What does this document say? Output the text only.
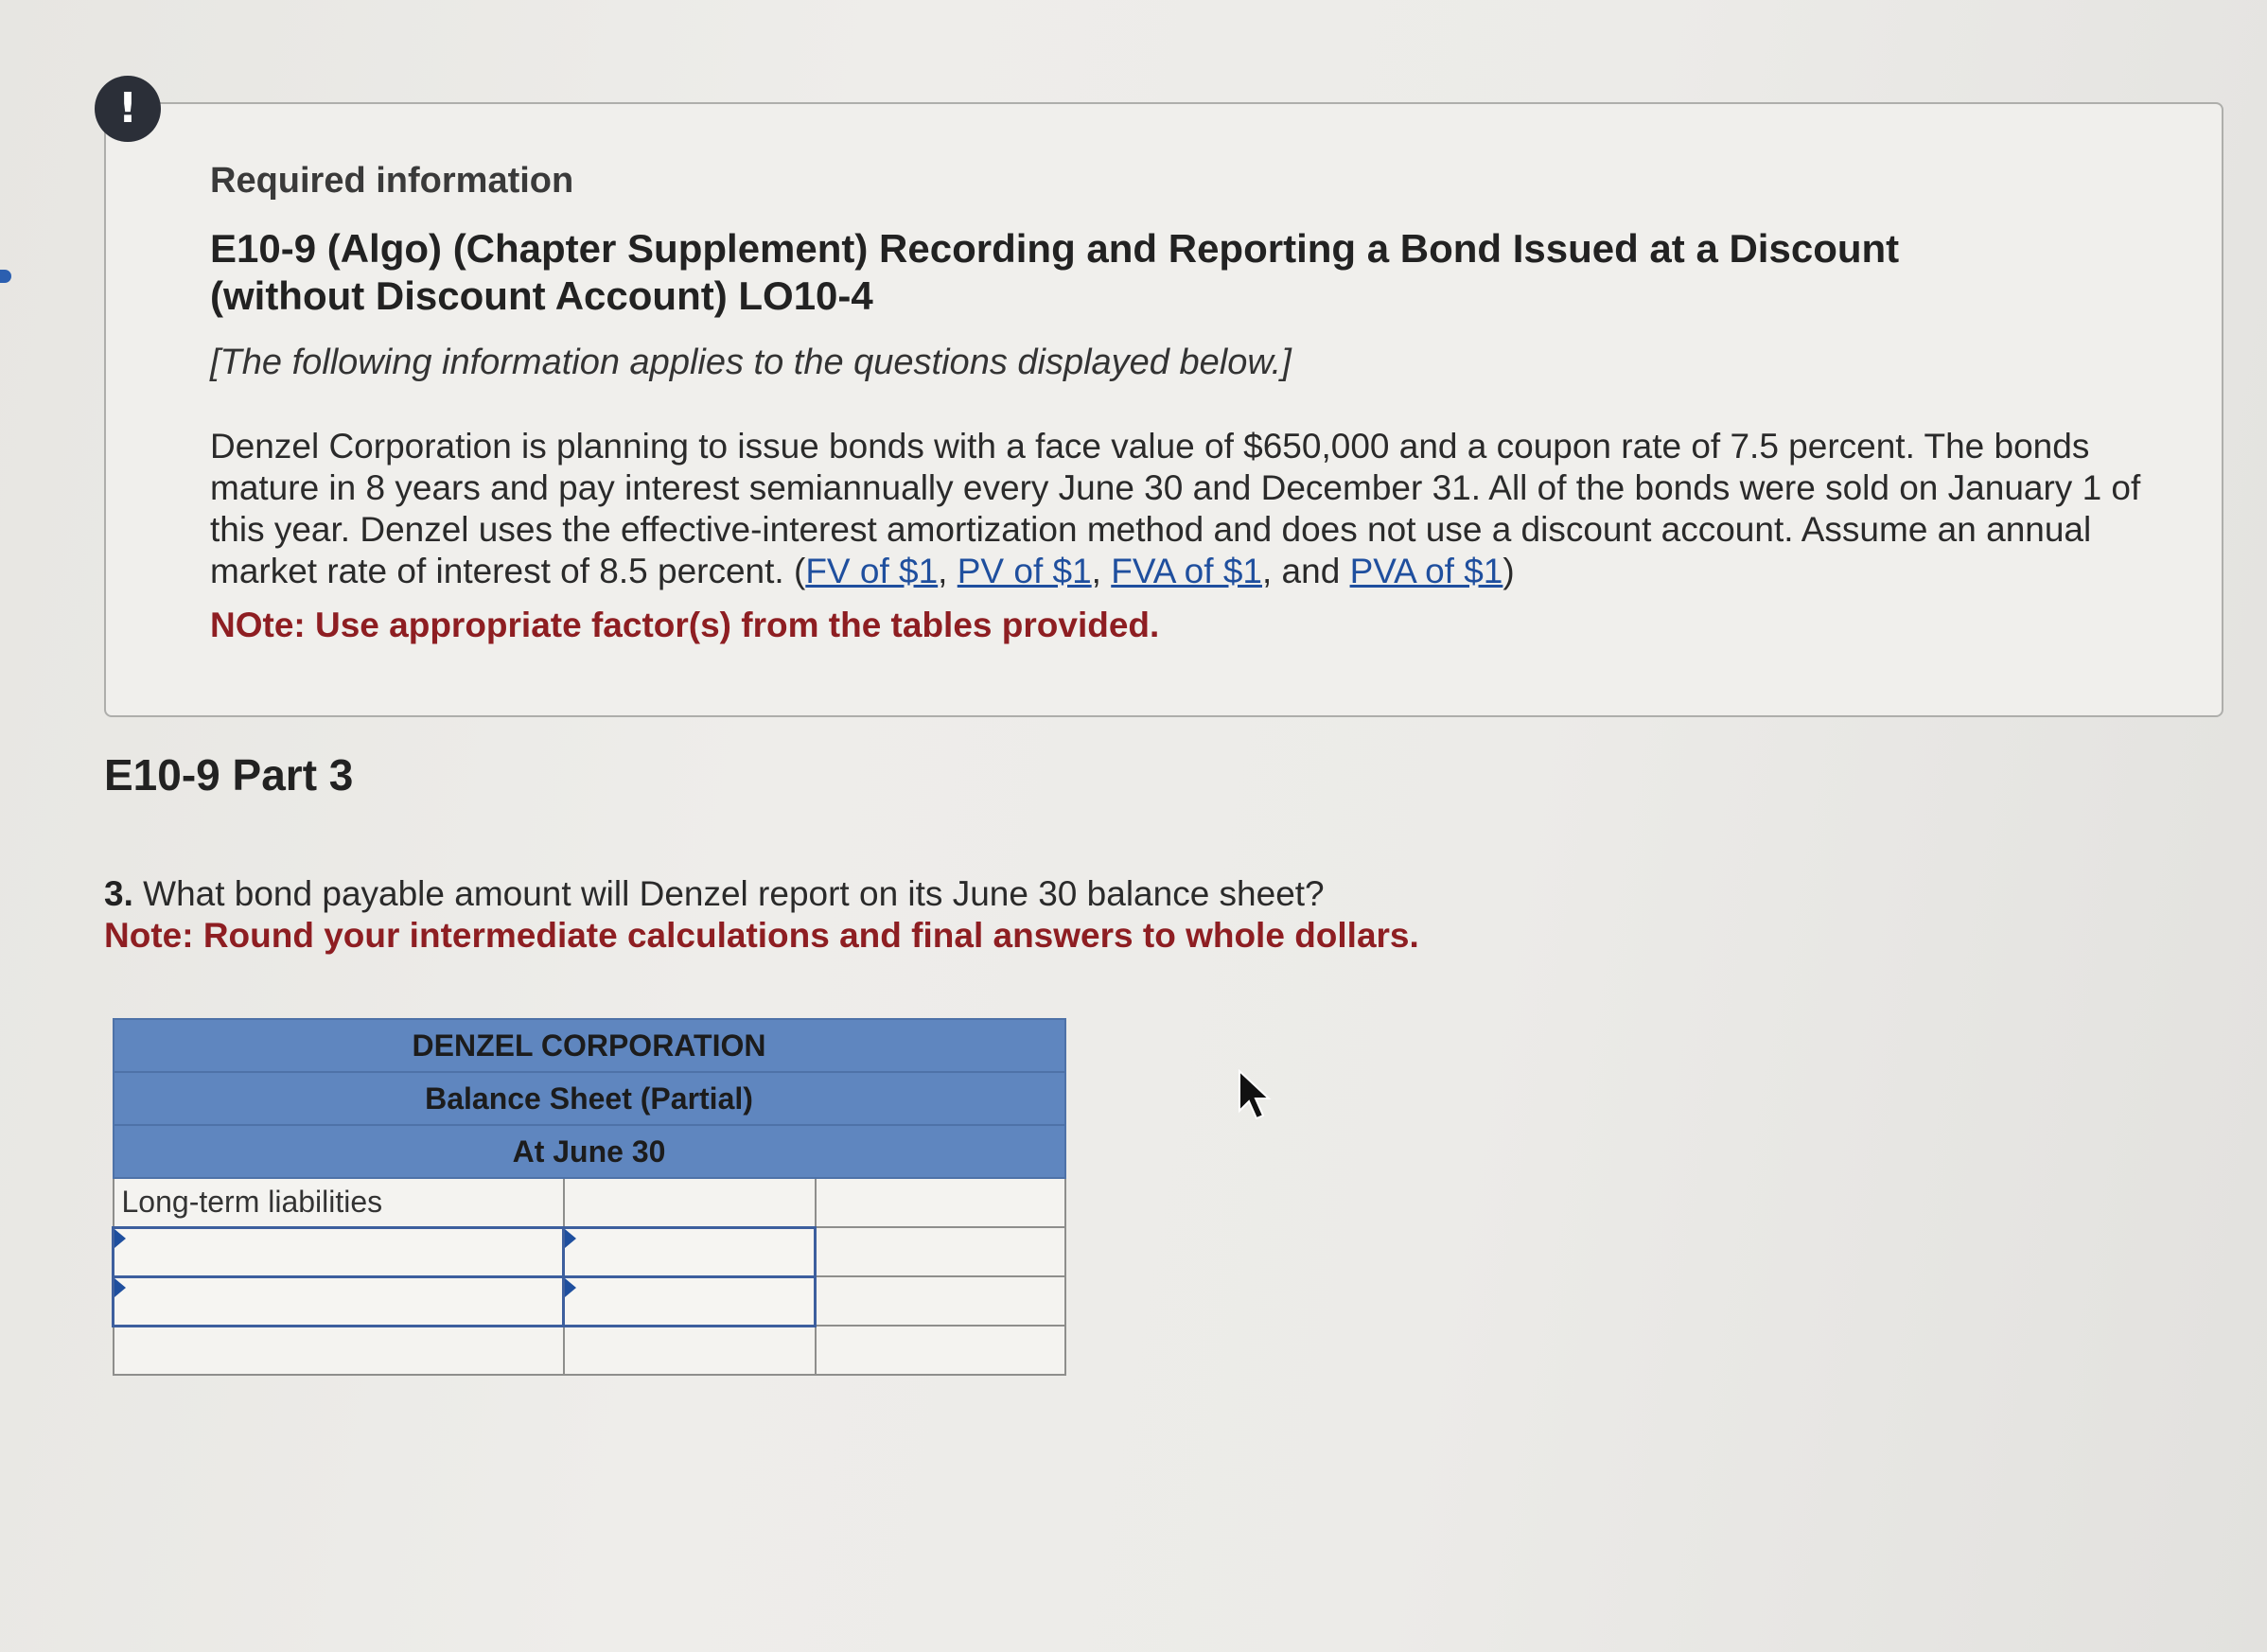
!
Required information
E10-9 (Algo) (Chapter Supplement) Recording and Reporting a Bond Issued at a Discount (without Discount Account) LO10-4
[The following information applies to the questions displayed below.]
Denzel Corporation is planning to issue bonds with a face value of $650,000 and a coupon rate of 7.5 percent. The bonds mature in 8 years and pay interest semiannually every June 30 and December 31. All of the bonds were sold on January 1 of this year. Denzel uses the effective-interest amortization method and does not use a discount account. Assume an annual market rate of interest of 8.5 percent. (FV of $1, PV of $1, FVA of $1, and PVA of $1)
NOte: Use appropriate factor(s) from the tables provided.
E10-9 Part 3
3. What bond payable amount will Denzel report on its June 30 balance sheet?
Note: Round your intermediate calculations and final answers to whole dollars.
DENZEL CORPORATION		
Balance Sheet (Partial)		
At June 30		
Long-term liabilities		
